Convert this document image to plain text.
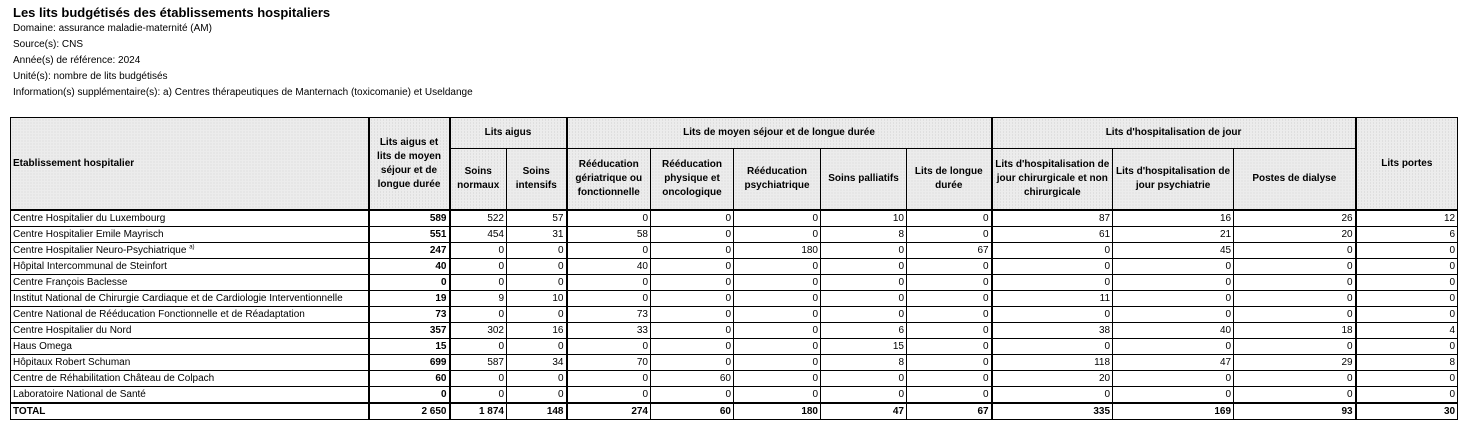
Les lits budgétisés des établissements hospitaliers
Domaine: assurance maladie-maternité (AM)
Source(s): CNS
Année(s) de référence: 2024
Unité(s): nombre de lits budgétisés
Information(s) supplémentaire(s): a) Centres thérapeutiques de Manternach (toxicomanie) et Useldange
Etablissement hospitalier	Lits aigus et lits de moyen séjour et de longue durée	Lits aigus		Lits de moyen séjour et de longue durée					Lits d'hospitalisation de jour			Lits portes
		Soins normaux	Soins intensifs	Rééducation gériatrique ou fonctionnelle	Rééducation physique et oncologique	Rééducation psychiatrique	Soins palliatifs	Lits de longue durée	Lits d'hospitalisation de jour chirurgicale et non chirurgicale	Lits d'hospitalisation de jour psychiatrie	Postes de dialyse	
Centre Hospitalier du Luxembourg	589	522	57	0	0	0	10	0	87	16	26	12
Centre Hospitalier Emile Mayrisch	551	454	31	58	0	0	8	0	61	21	20	6
Centre Hospitalier Neuro-Psychiatrique $^{a)}$	247	0	0	0	0	180	0	67	0	45	0	0
Hôpital Intercommunal de Steinfort	40	0	0	40	0	0	0	0	0	0	0	0
Centre François Baclesse	0	0	0	0	0	0	0	0	0	0	0	0
Institut National de Chirurgie Cardiaque et de Cardiologie Interventionnelle	19	9	10	0	0	0	0	0	11	0	0	0
Centre National de Rééducation Fonctionnelle et de Réadaptation	73	0	0	73	0	0	0	0	0	0	0	0
Centre Hospitalier du Nord	357	302	16	33	0	0	6	0	38	40	18	4
Haus Omega	15	0	0	0	0	0	15	0	0	0	0	0
Hôpitaux Robert Schuman	699	587	34	70	0	0	8	0	118	47	29	8
Centre de Réhabilitation Château de Colpach	60	0	0	0	60	0	0	0	20	0	0	0
Laboratoire National de Santé	0	0	0	0	0	0	0	0	0	0	0	0
TOTAL	2 650	1 874	148	274	60	180	47	67	335	169	93	30
